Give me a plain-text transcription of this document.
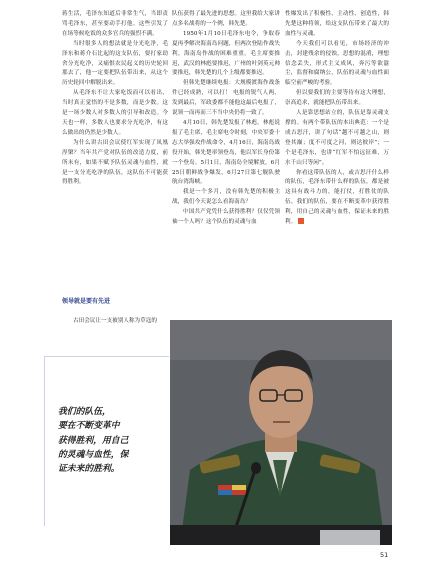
蒋生活，毛泽东知道后非常生气，当即责骂毛泽东，甚至要动手打他。这些引发了在场等候吃饭的众多官兵的强烈不满。

当时很多人的想法就是分光吃净，毛泽东和蒋介石比起的这支队伍，要打家劫舍分光吃净，又痛恨农民起义的历史轮回那去了，他一定要把队伍带出来，从这个历史轮回中解脱出来。

从毛泽东不让大家吃饭而可以看出，当时真正觉悟的不是多数，而是少数。这是一场少数人对多数人的引导和改造。今天也一样，多数人也要求分光吃净，有这么做出的仍然是少数人。

为什么讲古田会议使红军实现了凤凰涅槃？当年共产党对队伍的改造力度，前所未有，如果不赋予队伍灵魂与血性，就是一支分光吃净的队伍，这队伍不可能获得胜利。

领导就是要有先进
古田会议让一支被别人称为草寇的

队伍获得了最先进的思想。这里我给大家讲点多名战将的一个例，韩先楚。

1950年1月10日毛泽东电令，争取春夏再季解决海南岛问题，但两次登陆作战失利，海南岛作战的困难重重。毛主席要推迟，武汉的林彪要推迟，广州的叶剑英元帅要推迟，韩先楚的几个上级都要推迟。

但韩先楚继续电报：大规模渡海作战条件已经成熟，可以打！ 电报的锐气人两，发到最后，军政委都不能他这最后电报了，说领一而再而三不当中央仍将一致了。

4月10日，韩先楚发报了林彪，林彪说报了毛主席，毛主席电令时刻，中央军委十志大举强攻作战命令，4月16日，海南岛战役开始，韩先楚率领登岛，他以军长身份第一个登岛。5月1日，海南岛全境解放，6月25日朝鲜战争爆发，6月27日第七舰队驶航台湾海峡。

我是一个多月，没有韩先楚的积极主战，我们今天说怎么看海南岛？

中国共产党凭什么获得胜利？仅仅凭领袖一个人吗？这个队伍的灵魂与血

性爆发出了积极性、主动性、创造性，韩先楚这种将领，给这支队伍带来了最大的血性与灵魂。

今天我们可以看见，市场经济的冲击，封建残余的侵蚀，思想的混淆，理想信念丢失，形式主义成风，奔污等欲嚣尘，监督和腐纳公，队伍的灵魂与血性面临空前严峻的考验。

但以要我们的主要等待有这大理想，崇高追求，就能把队伍带出来。

人是靠思想站立的，队伍是靠灵魂支撑的。有两个带队伍的本出典范：一个是成吉思汗，讲了句话“越不可越之山，则登其巅；度不可度之河，则达彼岸”；一个是毛泽东，也讲“红军不怕远征难，万水千山只等闲”。

你看这带队伍的人，或吉思汗什么样的队伍，毛泽东带什么样的队伍，都是被这具有战斗力的，能打仗，打胜仗的队伍。我们的队伍，要在不断变革中获得胜利，用自己的灵魂与血性，保证未来的胜利。

我们的队伍，
要在不断变革中
获得胜利，用自己
的灵魂与血性，保
证未来的胜利。
51
